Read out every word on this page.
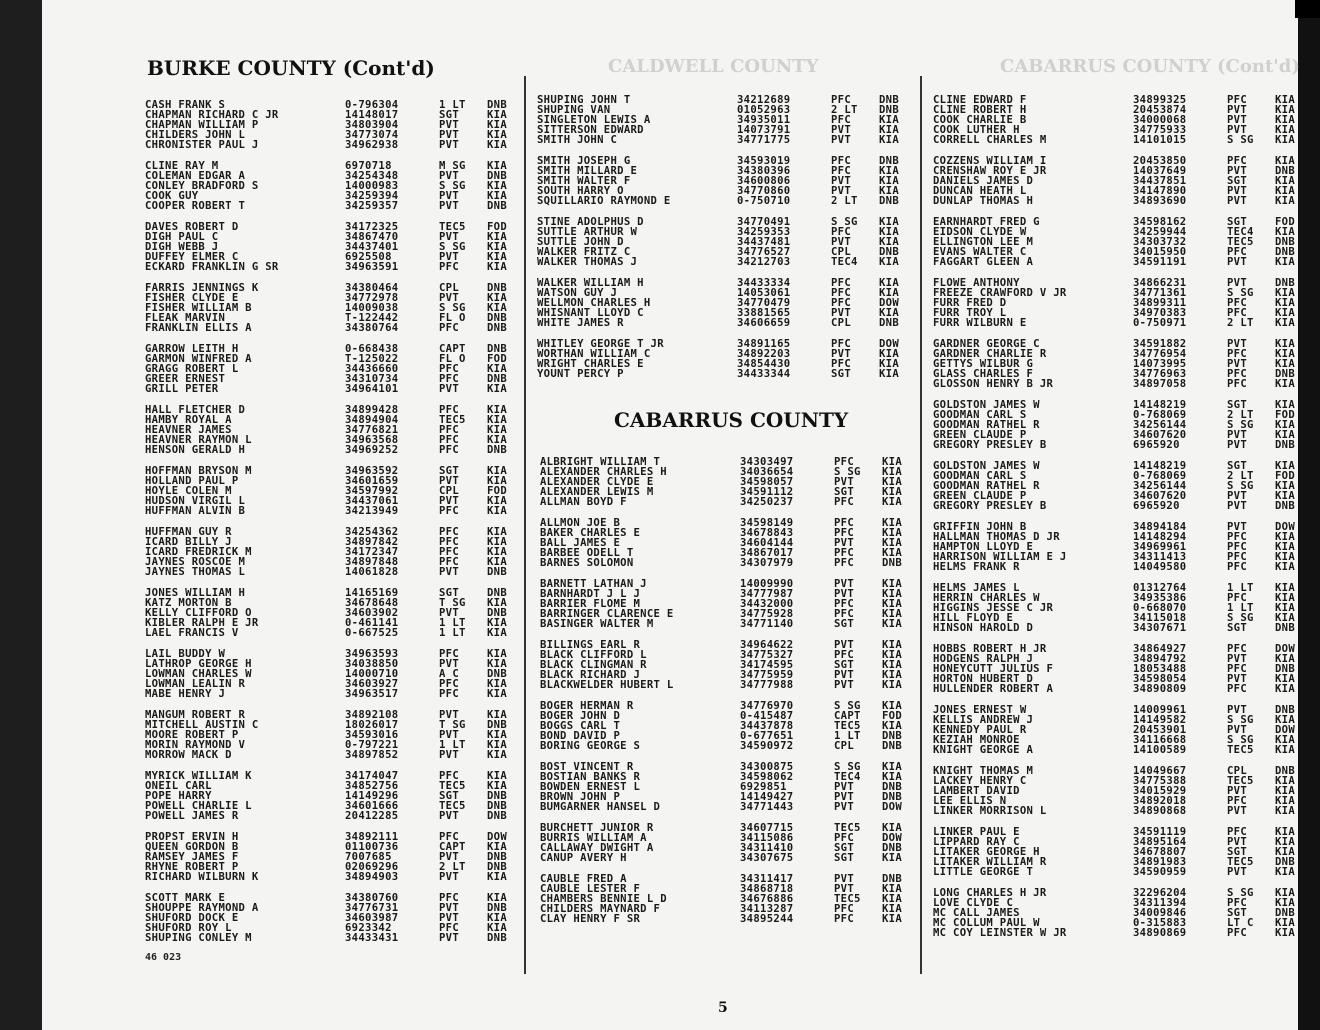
CALDWELL COUNTY	CABARRUS COUNTY (Cont'd)
BURKE COUNTY (Cont'd)
CABARRUS COUNTY
CASH FRANK S	0-796304	1 LT DNB
CHAPMAN RICHARD C JR	14148017	SGT	KIA
CHAPMAN WILLIAM P	34803904	PVT	KIA
CHILDERS JOHN L	34773074	PVT	KIA
CHRONISTER PAUL J	34962938	PVT	KIA
CLINE RAY M	6970718	M SG KIA
COLEMAN EDGAR A	34254348	PVT	DNB
CONLEY BRADFORD S	14000983	S SG KIA
COOK GUY	34259394	PVT	KIA
COOPER ROBERT T	34259357	PVT	DNB
DAVES ROBERT D	34172325	TEC5 FOD
DIGH PAUL C	34867470	PVT	KIA
DIGH WEBB J	34437401	S SG KIA
DUFFEY ELMER C	6925508	PVT	KIA
ECKARD FRANKLIN G SR	34963591	PFC	KIA
FARRIS JENNINGS K	34380464	CPL	DNB
FISHER CLYDE E	34772978	PVT	KIA
FISHER WILLIAM B	14009038	S SG KIA
FLEAK MARVIN	T-122442	FL O DNB
FRANKLIN ELLIS A	34380764	PFC	DNB
GARROW LEITH H	0-668438	CAPT DNB
GARMON WINFRED A	T-125022	FL O FOD
GRAGG ROBERT L	34436660	PFC	KIA
GREER ERNEST	34310734	PFC	DNB
GRILL PETER	34964101	PVT	KIA
HALL FLETCHER D	34899428	PFC	KIA
HAMBY ROYAL A	34894904	TEC5 KIA
HEAVNER JAMES	34776821	PFC	KIA
HEAVNER RAYMON L	34963568	PFC	KIA
HENSON GERALD H	34969252	PFC	DNB
HOFFMAN BRYSON M	34963592	SGT	KIA
HOLLAND PAUL P	34601659	PVT	KIA
HOYLE COLEN M	34597992	CPL	FOD
HUDSON VIRGIL L	34437061	PVT	KIA
HUFFMAN ALVIN B	34213949	PFC	KIA
HUFFMAN GUY R	34254362	PFC	KIA
ICARD BILLY J	34897842	PFC	KIA
ICARD FREDRICK M	34172347	PFC	KIA
JAYNES ROSCOE M	34897848	PFC	KIA
JAYNES THOMAS L	14061828	PVT	DNB
JONES WILLIAM H	14165169	SGT	DNB
KATZ MORTON B	34678648	T SG KIA
KELLY CLIFFORD O	34603902	PVT	DNB
KIBLER RALPH E JR	0-461141	1 LT KIA
LAEL FRANCIS V	0-667525	1 LT KIA
LAIL BUDDY W	34963593	PFC	KIA
LATHROP GEORGE H	34038850	PVT	KIA
LOWMAN CHARLES W	14000710	A C	DNB
LOWMAN LEALIN R	34603927	PFC	KIA
MABE HENRY J	34963517	PFC	KIA
MANGUM ROBERT R	34892108	PVT	KIA
MITCHELL AUSTIN C	18026017	T SG DNB
MOORE ROBERT P	34593016	PVT	KIA
MORIN RAYMOND V	0-797221	1 LT KIA
MORROW MACK D	34897852	PVT	KIA
MYRICK WILLIAM K	34174047	PFC	KIA
ONEIL CARL	34852756	TEC5 KIA
POPE HARRY	14149296	SGT	DNB
POWELL CHARLIE L	34601666	TEC5 DNB
POWELL JAMES R	20412285	PVT	DNB
PROPST ERVIN H	34892111	PFC	DOW
QUEEN GORDON B	01100736	CAPT KIA
RAMSEY JAMES F	7007685	PVT	DNB
RHYNE ROBERT P	02069296	2 LT DNB
RICHARD WILBURN K	34894903	PVT	KIA
SCOTT MARK E	34380760	PFC	KIA
SHOUPPE RAYMOND A	34776731	PVT	DNB
SHUFORD DOCK E	34603987	PVT	KIA
SHUFORD ROY L	6923342	PFC	KIA
SHUPING CONLEY M	34433431	PVT	DNB
SHUPING JOHN T	34212689	PFC	DNB
SHUPING VAN	01052963	2 LT DNB
SINGLETON LEWIS A	34935011	PFC	KIA
SITTERSON EDWARD	14073791	PVT	KIA
SMITH JOHN C	34771775	PVT	KIA
SMITH JOSEPH G	34593019	PFC	DNB
SMITH MILLARD E	34380396	PFC	KIA
SMITH WALTER F	34600806	PVT	KIA
SOUTH HARRY O	34770860	PVT	KIA
SQUILLARIO RAYMOND E	0-750710	2 LT DNB
STINE ADOLPHUS D	34770491	S SG KIA
SUTTLE ARTHUR W	34259353	PFC	KIA
SUTTLE JOHN D	34437481	PVT	KIA
WALKER FRITZ C	34776527	CPL	DNB
WALKER THOMAS J	34212703	TEC4 KIA
WALKER WILLIAM H	34433334	PFC	KIA
WATSON GUY J	14053061	PFC	KIA
WELLMON CHARLES H	34770479	PFC	DOW
WHISNANT LLOYD C	33881565	PVT	KIA
WHITE JAMES R	34606659	CPL	DNB
WHITLEY GEORGE T JR	34891165	PFC	DOW
WORTHAN WILLIAM C	34892203	PVT	KIA
WRIGHT CHARLES E	34854430	PFC	KIA
YOUNT PERCY P	34433344	SGT	KIA
ALBRIGHT WILLIAM T	34303497	PFC	KIA
ALEXANDER CHARLES H	34036654	S SG KIA
ALEXANDER CLYDE E	34598057	PVT	KIA
ALEXANDER LEWIS M	34591112	SGT	KIA
ALLMAN BOYD F	34250237	PFC	KIA
ALLMON JOE B	34598149	PFC	KIA
BAKER CHARLES E	34678843	PFC	KIA
BALL JAMES E	34604144	PVT	KIA
BARBEE ODELL T	34867017	PFC	KIA
BARNES SOLOMON	34307979	PFC	DNB
BARNETT LATHAN J	14009990	PVT	KIA
BARNHARDT J L J	34777987	PVT	KIA
BARRIER FLOME M	34432000	PFC	KIA
BARRINGER CLARENCE E	34775928	PFC	KIA
BASINGER WALTER M	34771140	SGT	KIA
BILLINGS EARL R	34964622	PVT	KIA
BLACK CLIFFORD L	34775327	PFC	KIA
BLACK CLINGMAN R	34174595	SGT	KIA
BLACK RICHARD J	34775959	PVT	KIA
BLACKWELDER HUBERT L	34777988	PVT	KIA
BOGER HERMAN R	34776970	S SG KIA
BOGER JOHN D	0-415487	CAPT FOD
BOGGS CARL T	34437878	TEC5 KIA
BOND DAVID P	0-677651	1 LT DNB
BORING GEORGE S	34590972	CPL	DNB
BOST VINCENT R	34300875	S SG KIA
BOSTIAN BANKS R	34598062	TEC4 KIA
BOWDEN ERNEST L	6929851	PVT	DNB
BROWN JOHN P	14149427	PVT	DNB
BUMGARNER HANSEL D	34771443	PVT	DOW
BURCHETT JUNIOR R	34607715	TEC5 KIA
BURRIS WILLIAM A	34115086	PFC	DOW
CALLAWAY DWIGHT A	34311410	SGT	DNB
CANUP AVERY H	34307675	SGT	KIA
CAUBLE FRED A	34311417	PVT	DNB
CAUBLE LESTER F	34868718	PVT	KIA
CHAMBERS BENNIE L D	34676886	TEC5 KIA
CHILDERS MAYNARD F	34113287	PFC	KIA
CLAY HENRY F SR	34895244	PFC	KIA
CLINE EDWARD F	34899325	PFC	KIA
CLINE ROBERT H	20453874	PVT	KIA
COOK CHARLIE B	34000068	PVT	KIA
COOK LUTHER H	34775933	PVT	KIA
CORRELL CHARLES M	14101015	S SG KIA
COZZENS WILLIAM I	20453850	PFC	KIA
CRENSHAW ROY E JR	14037649	PVT	DNB
DANIELS JAMES D	34437851	SGT	KIA
DUNCAN HEATH L	34147890	PVT	KIA
DUNLAP THOMAS H	34893690	PVT	KIA
EARNHARDT FRED G	34598162	SGT	FOD
EIDSON CLYDE W	34259944	TEC4 KIA
ELLINGTON LEE M	34303732	TEC5 DNB
EVANS WALTER C	34015950	PFC	DNB
FAGGART GLEEN A	34591191	PVT	KIA
FLOWE ANTHONY	34866231	PVT	DNB
FREEZE CRAWFORD V JR	34771361	S SG KIA
FURR FRED D	34899311	PFC	KIA
FURR TROY L	34970383	PFC	KIA
FURR WILBURN E	0-750971	2 LT KIA
GARDNER GEORGE C	34591882	PVT	KIA
GARDNER CHARLIE R	34776954	PFC	KIA
GETTYS WILBUR G	14073995	PVT	KIA
GLASS CHARLES F	34776963	PFC	DNB
GLOSSON HENRY B JR	34897058	PFC	KIA
GOLDSTON JAMES W	14148219	SGT	KIA
GOODMAN CARL S	0-768069	2 LT FOD
GOODMAN RATHEL R	34256144	S SG KIA
GREEN CLAUDE P	34607620	PVT	KIA
GREGORY PRESLEY B	6965920	PVT	DNB
GOLDSTON JAMES W	14148219	SGT	KIA
GOODMAN CARL S	0-768069	2 LT FOD
GOODMAN RATHEL R	34256144	S SG KIA
GREEN CLAUDE P	34607620	PVT	KIA
GREGORY PRESLEY B	6965920	PVT	DNB
GRIFFIN JOHN B	34894184	PVT	DOW
HALLMAN THOMAS D JR	14148294	PFC	KIA
HAMPTON LLOYD E	34969961	PFC	KIA
HARRISON WILLIAM E J	34311413	PFC	KIA
HELMS FRANK R	14049580	PFC	KIA
HELMS JAMES L	01312764	1 LT KIA
HERRIN CHARLES W	34935386	PFC	KIA
HIGGINS JESSE C JR	0-668070	1 LT KIA
HILL FLOYD E	34115018	S SG KIA
HINSON HAROLD D	34307671	SGT	DNB
HOBBS ROBERT H JR	34864927	PFC	DOW
HODGENS RALPH J	34894792	PVT	KIA
HONEYCUTT JULIUS F	18053488	PFC	DNB
HORTON HUBERT D	34598054	PVT	KIA
HULLENDER ROBERT A	34890809	PFC	KIA
JONES ERNEST W	14009961	PVT	DNB
KELLIS ANDREW J	14149582	S SG KIA
KENNEDY PAUL R	20453901	PVT	DOW
KEZIAH MONROE	34116668	S SG KIA
KNIGHT GEORGE A	14100589	TEC5 KIA
KNIGHT THOMAS M	14049667	CPL	DNB
LACKEY HENRY C	34775388	TEC5 KIA
LAMBERT DAVID	34015929	PVT	KIA
LEE ELLIS N	34892018	PFC	KIA
LINKER MORRISON L	34890868	PVT	KIA
LINKER PAUL E	34591119	PFC	KIA
LIPPARD RAY C	34895164	PVT	KIA
LITAKER GEORGE H	34678807	SGT	KIA
LITAKER WILLIAM R	34891983	TEC5 DNB
LITTLE GEORGE T	34590959	PVT	KIA
LONG CHARLES H JR	32296204	S SG KIA
LOVE CLYDE C	34311394	PFC	KIA
MC CALL JAMES	34009846	SGT	DNB
MC COLLUM PAUL W	0-315883	LT C KIA
MC COY LEINSTER W JR	34890869	PFC	KIA
46 023
5
